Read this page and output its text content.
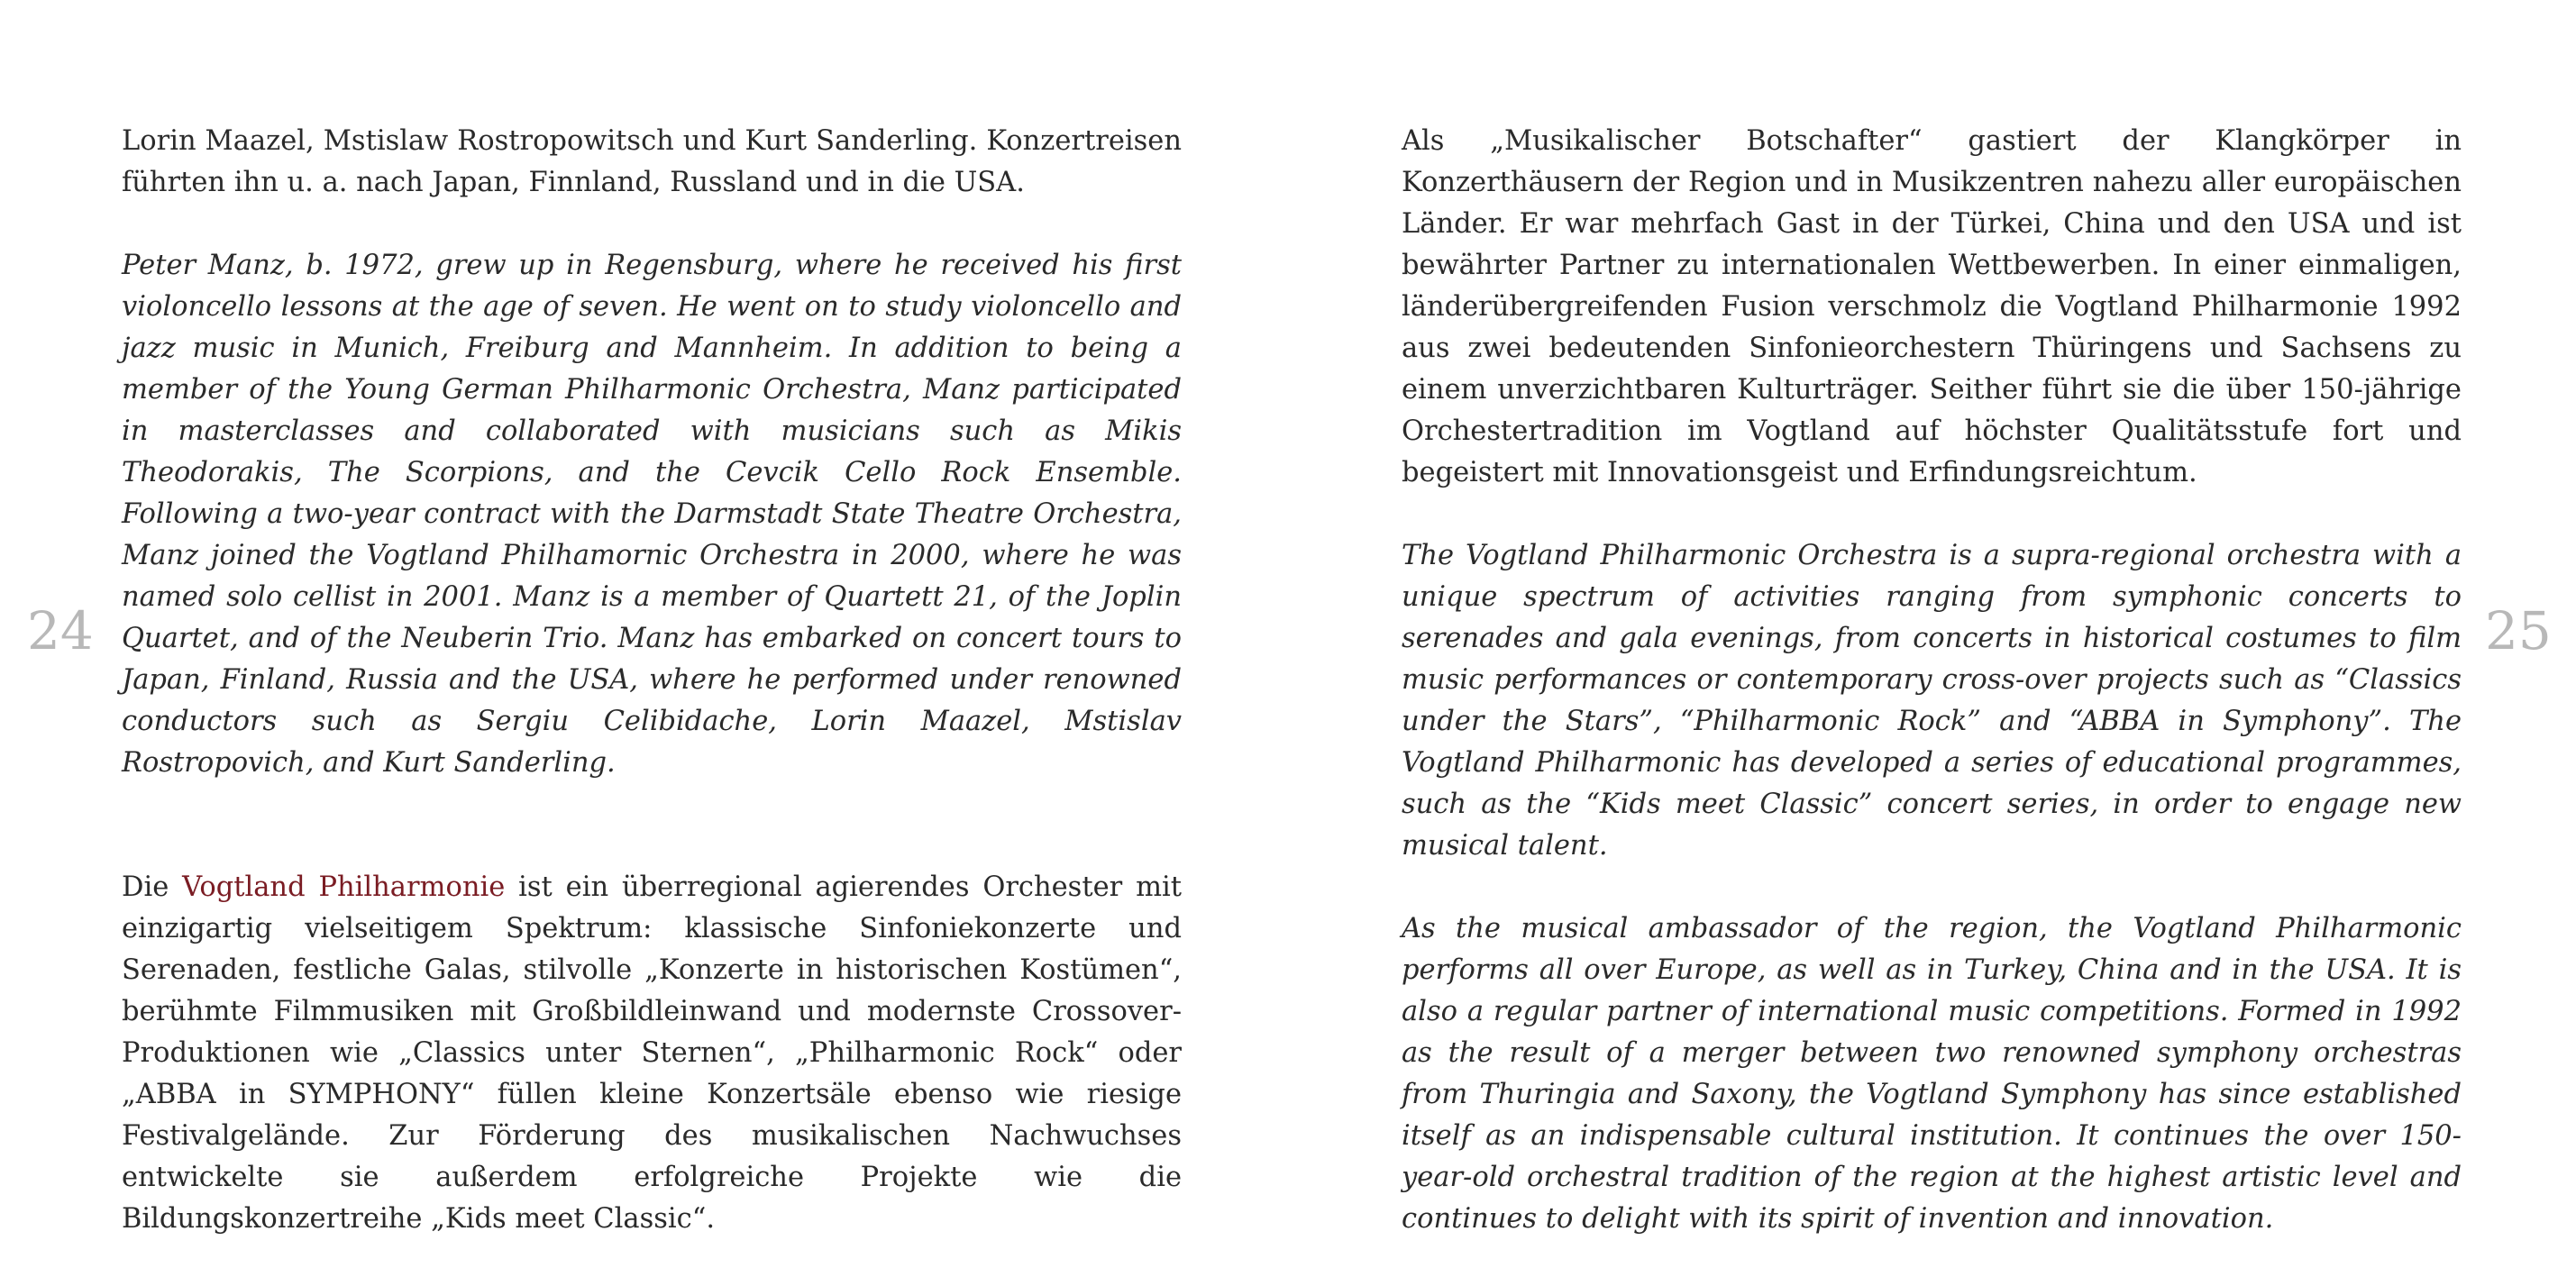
24

Lorin Maazel, Mstislaw Rostropowitsch und Kurt Sanderling. Konzertreisen führten ihn u. a. nach Japan, Finnland, Russland und in die USA.

Peter Manz, b. 1972, grew up in Regensburg, where he received his first violoncello lessons at the age of seven. He went on to study violoncello and jazz music in Munich, Freiburg and Mannheim. In addition to being a member of the Young German Philharmonic Orchestra, Manz participated in masterclasses and collaborated with musicians such as Mikis Theodorakis, The Scorpions, and the Cevcik Cello Rock Ensemble. Following a two-year contract with the Darmstadt State Theatre Orchestra, Manz joined the Vogtland Philhamornic Orchestra in 2000, where he was named solo cellist in 2001. Manz is a member of Quartett 21, of the Joplin Quartet, and of the Neuberin Trio. Manz has embarked on concert tours to Japan, Finland, Russia and the USA, where he performed under renowned conductors such as Sergiu Celibidache, Lorin Maazel, Mstislav Rostropovich, and Kurt Sanderling.

Die Vogtland Philharmonie ist ein überregional agierendes Orchester mit einzigartig vielseitigem Spektrum: klassische Sinfoniekonzerte und Serenaden, festliche Galas, stilvolle „Konzerte in historischen Kostümen“, berühmte Filmmusiken mit Großbildleinwand und modernste Crossover-Produktionen wie „Classics unter Sternen“, „Philharmonic Rock“ oder „ABBA in SYMPHONY“ füllen kleine Konzertsäle ebenso wie riesige Festivalgelände. Zur Förderung des musikalischen Nachwuchses entwickelte sie außerdem erfolgreiche Projekte wie die Bildungskonzertreihe „Kids meet Classic“.

Als „Musikalischer Botschafter“ gastiert der Klangkörper in Konzerthäusern der Region und in Musikzentren nahezu aller europäischen Länder. Er war mehrfach Gast in der Türkei, China und den USA und ist bewährter Partner zu internationalen Wettbewerben. In einer einmaligen, länderübergreifenden Fusion verschmolz die Vogtland Philharmonie 1992 aus zwei bedeutenden Sinfonieorchestern Thüringens und Sachsens zu einem unverzichtbaren Kulturträger. Seither führt sie die über 150-jährige Orchestertradition im Vogtland auf höchster Qualitätsstufe fort und begeistert mit Innovationsgeist und Erfindungsreichtum.

The Vogtland Philharmonic Orchestra is a supra-regional orchestra with a unique spectrum of activities ranging from symphonic concerts to serenades and gala evenings, from concerts in historical costumes to film music performances or contemporary cross-over projects such as “Classics under the Stars”, “Philharmonic Rock” and “ABBA in Symphony”. The Vogtland Philharmonic has developed a series of educational programmes, such as the “Kids meet Classic” concert series, in order to engage new musical talent.

As the musical ambassador of the region, the Vogtland Philharmonic performs all over Europe, as well as in Turkey, China and in the USA. It is also a regular partner of international music competitions. Formed in 1992 as the result of a merger between two renowned symphony orchestras from Thuringia and Saxony, the Vogtland Symphony has since established itself as an indispensable cultural institution. It continues the over 150-year-old orchestral tradition of the region at the highest artistic level and continues to delight with its spirit of invention and innovation.

25
